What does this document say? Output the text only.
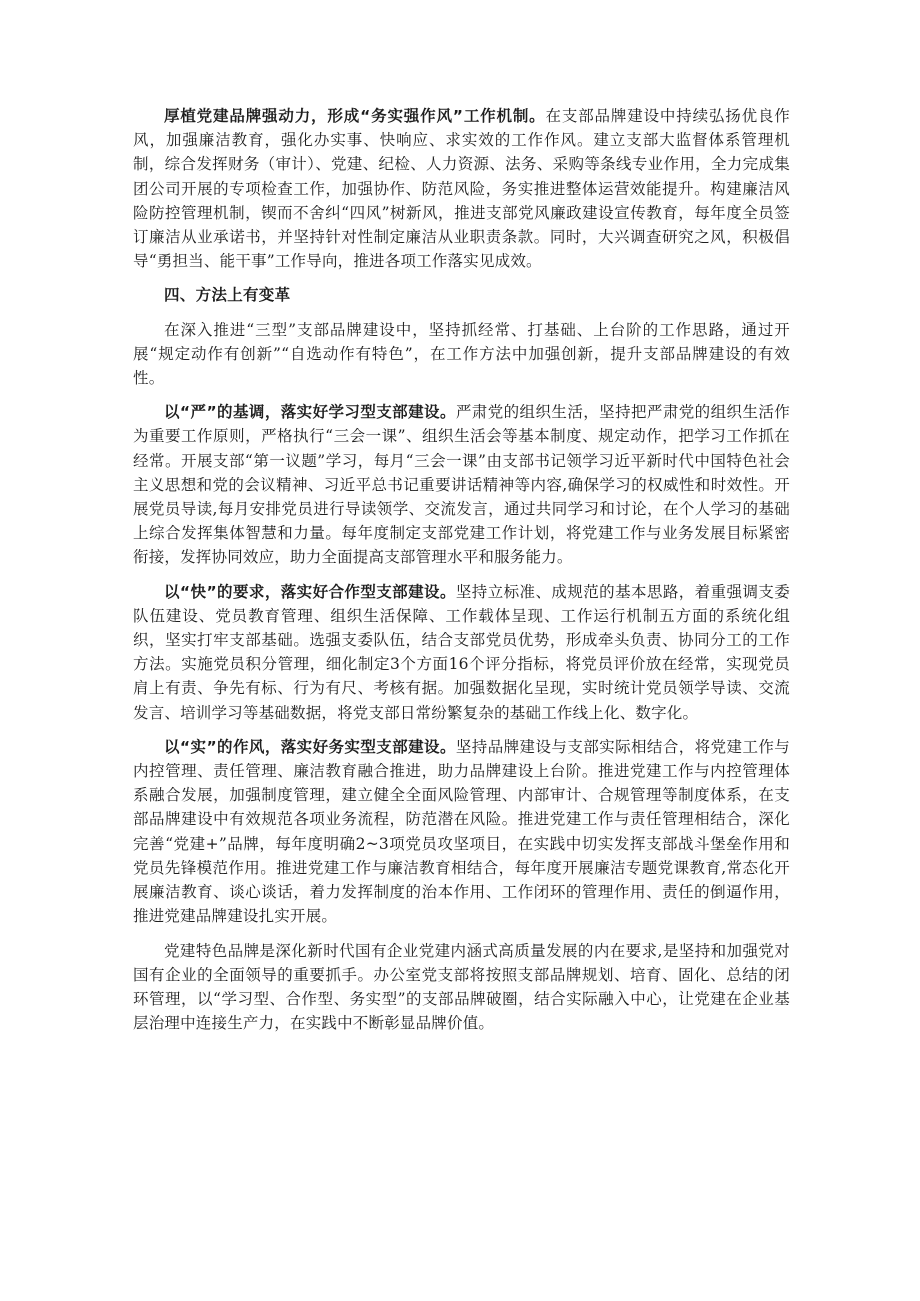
厚植党建品牌强动力，形成“务实强作风”工作机制。在支部品牌建设中持续弘扬优良作风，加强廉洁教育，强化办实事、快响应、求实效的工作作风。建立支部大监督体系管理机制，综合发挥财务（审计）、党建、纪检、人力资源、法务、采购等条线专业作用，全力完成集团公司开展的专项检查工作，加强协作、防范风险，务实推进整体运营效能提升。构建廉洁风险防控管理机制，锲而不舍纠“四风”树新风，推进支部党风廉政建设宣传教育，每年度全员签订廉洁从业承诺书，并坚持针对性制定廉洁从业职责条款。同时，大兴调查研究之风，积极倡导“勇担当、能干事”工作导向，推进各项工作落实见成效。

四、方法上有变革

在深入推进“三型”支部品牌建设中，坚持抓经常、打基础、上台阶的工作思路，通过开展“规定动作有创新”“自选动作有特色”，在工作方法中加强创新，提升支部品牌建设的有效性。

以“严”的基调，落实好学习型支部建设。严肃党的组织生活，坚持把严肃党的组织生活作为重要工作原则，严格执行“三会一课”、组织生活会等基本制度、规定动作，把学习工作抓在经常。开展支部“第一议题”学习，每月“三会一课”由支部书记领学习近平新时代中国特色社会主义思想和党的会议精神、习近平总书记重要讲话精神等内容,确保学习的权威性和时效性。开展党员导读,每月安排党员进行导读领学、交流发言，通过共同学习和讨论，在个人学习的基础上综合发挥集体智慧和力量。每年度制定支部党建工作计划，将党建工作与业务发展目标紧密衔接，发挥协同效应，助力全面提高支部管理水平和服务能力。

以“快”的要求，落实好合作型支部建设。坚持立标准、成规范的基本思路，着重强调支委队伍建设、党员教育管理、组织生活保障、工作载体呈现、工作运行机制五方面的系统化组织，坚实打牢支部基础。选强支委队伍，结合支部党员优势，形成牵头负责、协同分工的工作方法。实施党员积分管理，细化制定3个方面16个评分指标，将党员评价放在经常，实现党员肩上有责、争先有标、行为有尺、考核有据。加强数据化呈现，实时统计党员领学导读、交流发言、培训学习等基础数据，将党支部日常纷繁复杂的基础工作线上化、数字化。

以“实”的作风，落实好务实型支部建设。坚持品牌建设与支部实际相结合，将党建工作与内控管理、责任管理、廉洁教育融合推进，助力品牌建设上台阶。推进党建工作与内控管理体系融合发展，加强制度管理，建立健全全面风险管理、内部审计、合规管理等制度体系，在支部品牌建设中有效规范各项业务流程，防范潜在风险。推进党建工作与责任管理相结合，深化完善“党建+”品牌，每年度明确2~3项党员攻坚项目，在实践中切实发挥支部战斗堡垒作用和党员先锋模范作用。推进党建工作与廉洁教育相结合，每年度开展廉洁专题党课教育,常态化开展廉洁教育、谈心谈话，着力发挥制度的治本作用、工作闭环的管理作用、责任的倒逼作用，推进党建品牌建设扎实开展。

党建特色品牌是深化新时代国有企业党建内涵式高质量发展的内在要求,是坚持和加强党对国有企业的全面领导的重要抓手。办公室党支部将按照支部品牌规划、培育、固化、总结的闭环管理，以“学习型、合作型、务实型”的支部品牌破圈，结合实际融入中心，让党建在企业基层治理中连接生产力，在实践中不断彰显品牌价值。
